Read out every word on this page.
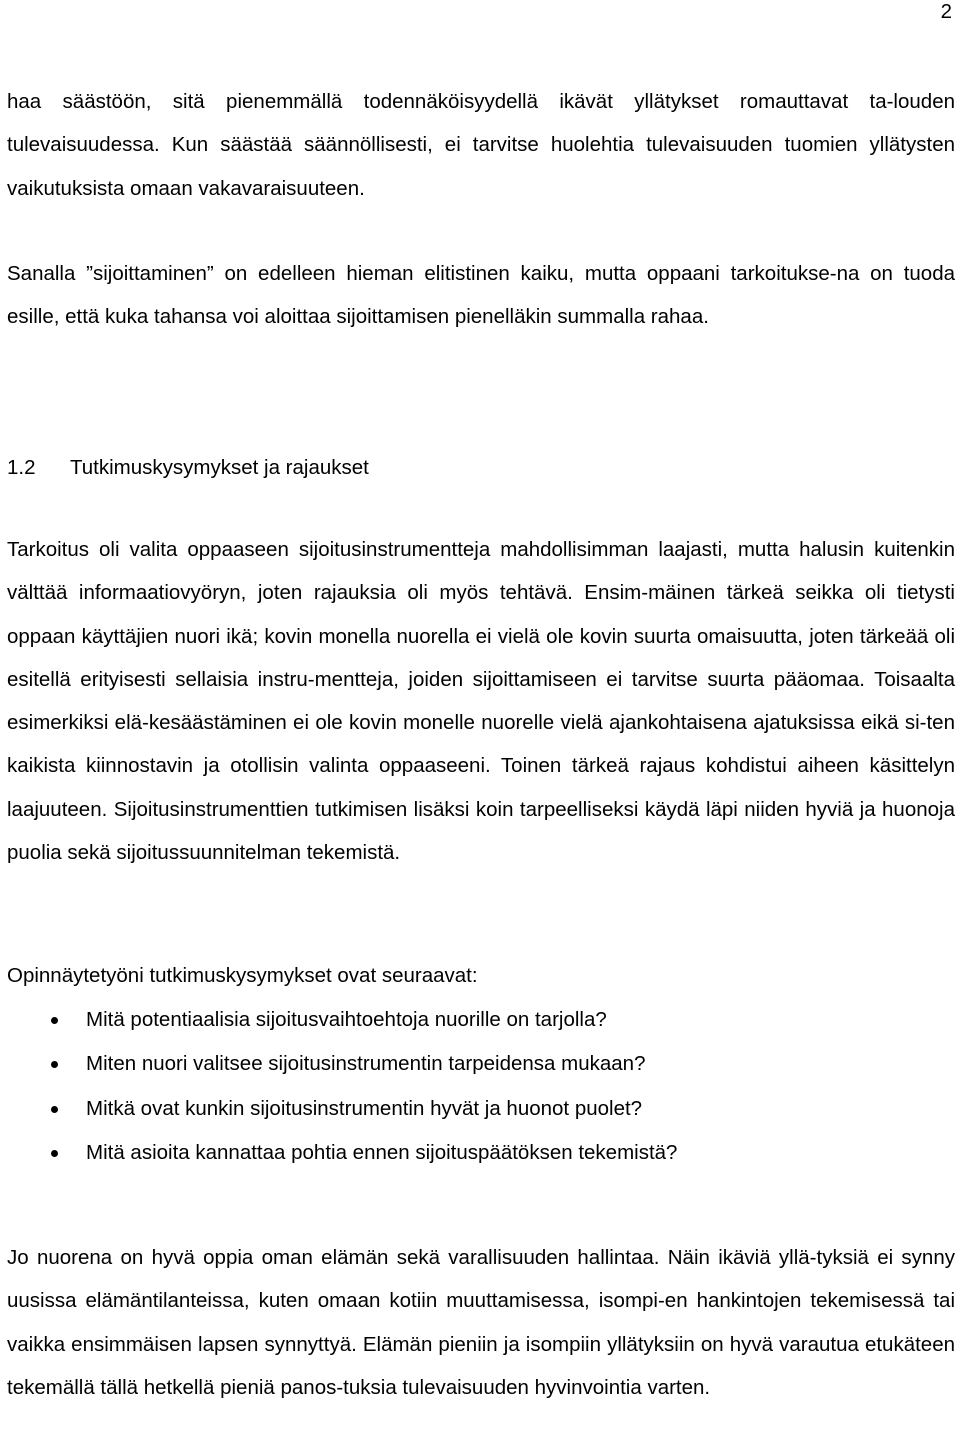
2
haa säästöön, sitä pienemmällä todennäköisyydellä ikävät yllätykset romauttavat ta-louden tulevaisuudessa. Kun säästää säännöllisesti, ei tarvitse huolehtia tulevaisuuden tuomien yllätysten vaikutuksista omaan vakavaraisuuteen.
Sanalla ”sijoittaminen” on edelleen hieman elitistinen kaiku, mutta oppaani tarkoitukse-na on tuoda esille, että kuka tahansa voi aloittaa sijoittamisen pienelläkin summalla rahaa.
1.2 Tutkimuskysymykset ja rajaukset
Tarkoitus oli valita oppaaseen sijoitusinstrumentteja mahdollisimman laajasti, mutta halusin kuitenkin välttää informaatiovyöryn, joten rajauksia oli myös tehtävä. Ensim-mäinen tärkeä seikka oli tietysti oppaan käyttäjien nuori ikä; kovin monella nuorella ei vielä ole kovin suurta omaisuutta, joten tärkeää oli esitellä erityisesti sellaisia instru-mentteja, joiden sijoittamiseen ei tarvitse suurta pääomaa. Toisaalta esimerkiksi elä-kesäästäminen ei ole kovin monelle nuorelle vielä ajankohtaisena ajatuksissa eikä si-ten kaikista kiinnostavin ja otollisin valinta oppaaseeni. Toinen tärkeä rajaus kohdistui aiheen käsittelyn laajuuteen. Sijoitusinstrumenttien tutkimisen lisäksi koin tarpeelliseksi käydä läpi niiden hyviä ja huonoja puolia sekä sijoitussuunnitelman tekemistä.
Opinnäytetyöni tutkimuskysymykset ovat seuraavat:
Mitä potentiaalisia sijoitusvaihtoehtoja nuorille on tarjolla?
Miten nuori valitsee sijoitusinstrumentin tarpeidensa mukaan?
Mitkä ovat kunkin sijoitusinstrumentin hyvät ja huonot puolet?
Mitä asioita kannattaa pohtia ennen sijoituspäätöksen tekemistä?
Jo nuorena on hyvä oppia oman elämän sekä varallisuuden hallintaa. Näin ikäviä yllä-tyksiä ei synny uusissa elämäntilanteissa, kuten omaan kotiin muuttamisessa, isompi-en hankintojen tekemisessä tai vaikka ensimmäisen lapsen synnyttyä. Elämän pieniin ja isompiin yllätyksiin on hyvä varautua etukäteen tekemällä tällä hetkellä pieniä panos-tuksia tulevaisuuden hyvinvointia varten.
